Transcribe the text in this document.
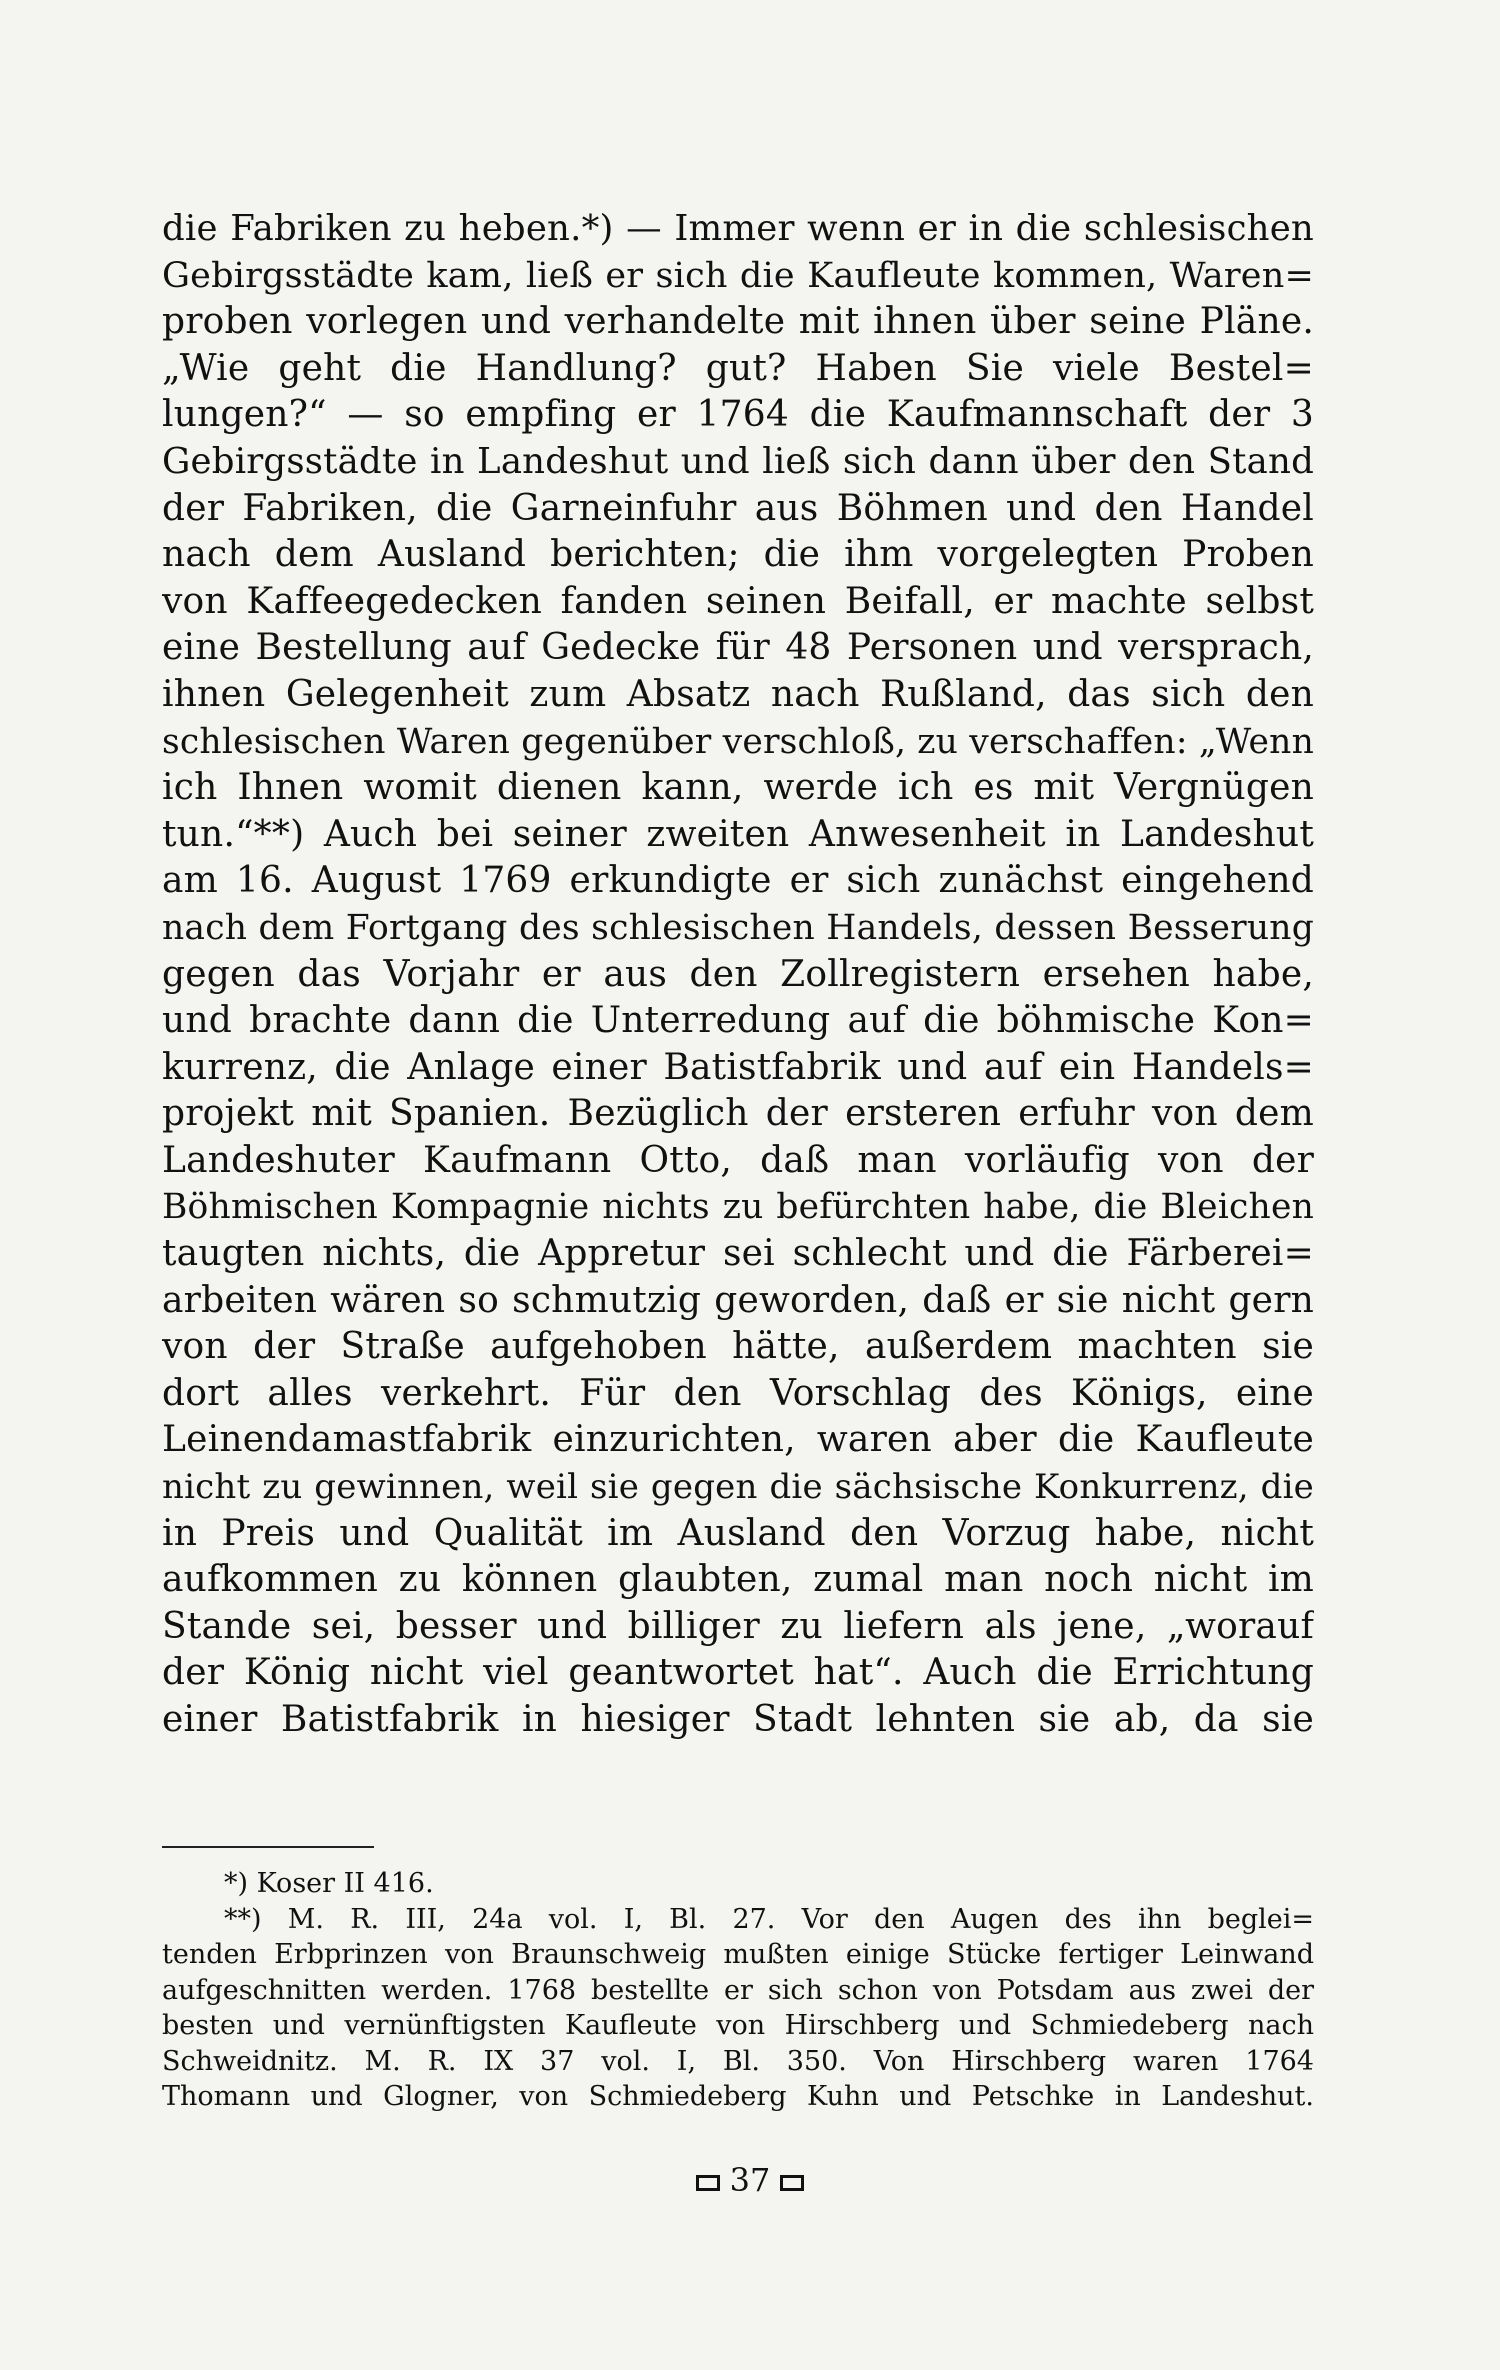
die Fabriken zu heben.*) — Immer wenn er in die schlesischen
Gebirgsstädte kam, ließ er sich die Kaufleute kommen, Waren=
proben vorlegen und verhandelte mit ihnen über seine Pläne.
„Wie geht die Handlung? gut? Haben Sie viele Bestel=
lungen?“ — so empfing er 1764 die Kaufmannschaft der 3
Gebirgsstädte in Landeshut und ließ sich dann über den Stand
der Fabriken, die Garneinfuhr aus Böhmen und den Handel
nach dem Ausland berichten; die ihm vorgelegten Proben
von Kaffeegedecken fanden seinen Beifall, er machte selbst
eine Bestellung auf Gedecke für 48 Personen und versprach,
ihnen Gelegenheit zum Absatz nach Rußland, das sich den
schlesischen Waren gegenüber verschloß, zu verschaffen: „Wenn
ich Ihnen womit dienen kann, werde ich es mit Vergnügen
tun.“**) Auch bei seiner zweiten Anwesenheit in Landeshut
am 16. August 1769 erkundigte er sich zunächst eingehend
nach dem Fortgang des schlesischen Handels, dessen Besserung
gegen das Vorjahr er aus den Zollregistern ersehen habe,
und brachte dann die Unterredung auf die böhmische Kon=
kurrenz, die Anlage einer Batistfabrik und auf ein Handels=
projekt mit Spanien. Bezüglich der ersteren erfuhr von dem
Landeshuter Kaufmann Otto, daß man vorläufig von der
Böhmischen Kompagnie nichts zu befürchten habe, die Bleichen
taugten nichts, die Appretur sei schlecht und die Färberei=
arbeiten wären so schmutzig geworden, daß er sie nicht gern
von der Straße aufgehoben hätte, außerdem machten sie
dort alles verkehrt. Für den Vorschlag des Königs, eine
Leinendamastfabrik einzurichten, waren aber die Kaufleute
nicht zu gewinnen, weil sie gegen die sächsische Konkurrenz, die
in Preis und Qualität im Ausland den Vorzug habe, nicht
aufkommen zu können glaubten, zumal man noch nicht im
Stande sei, besser und billiger zu liefern als jene, „worauf
der König nicht viel geantwortet hat“. Auch die Errichtung
einer Batistfabrik in hiesiger Stadt lehnten sie ab, da sie
*) Koser II 416.
**) M. R. III, 24a vol. I, Bl. 27. Vor den Augen des ihn beglei=
tenden Erbprinzen von Braunschweig mußten einige Stücke fertiger Leinwand
aufgeschnitten werden. 1768 bestellte er sich schon von Potsdam aus zwei der
besten und vernünftigsten Kaufleute von Hirschberg und Schmiedeberg nach
Schweidnitz. M. R. IX 37 vol. I, Bl. 350. Von Hirschberg waren 1764
Thomann und Glogner, von Schmiedeberg Kuhn und Petschke in Landeshut.
37
